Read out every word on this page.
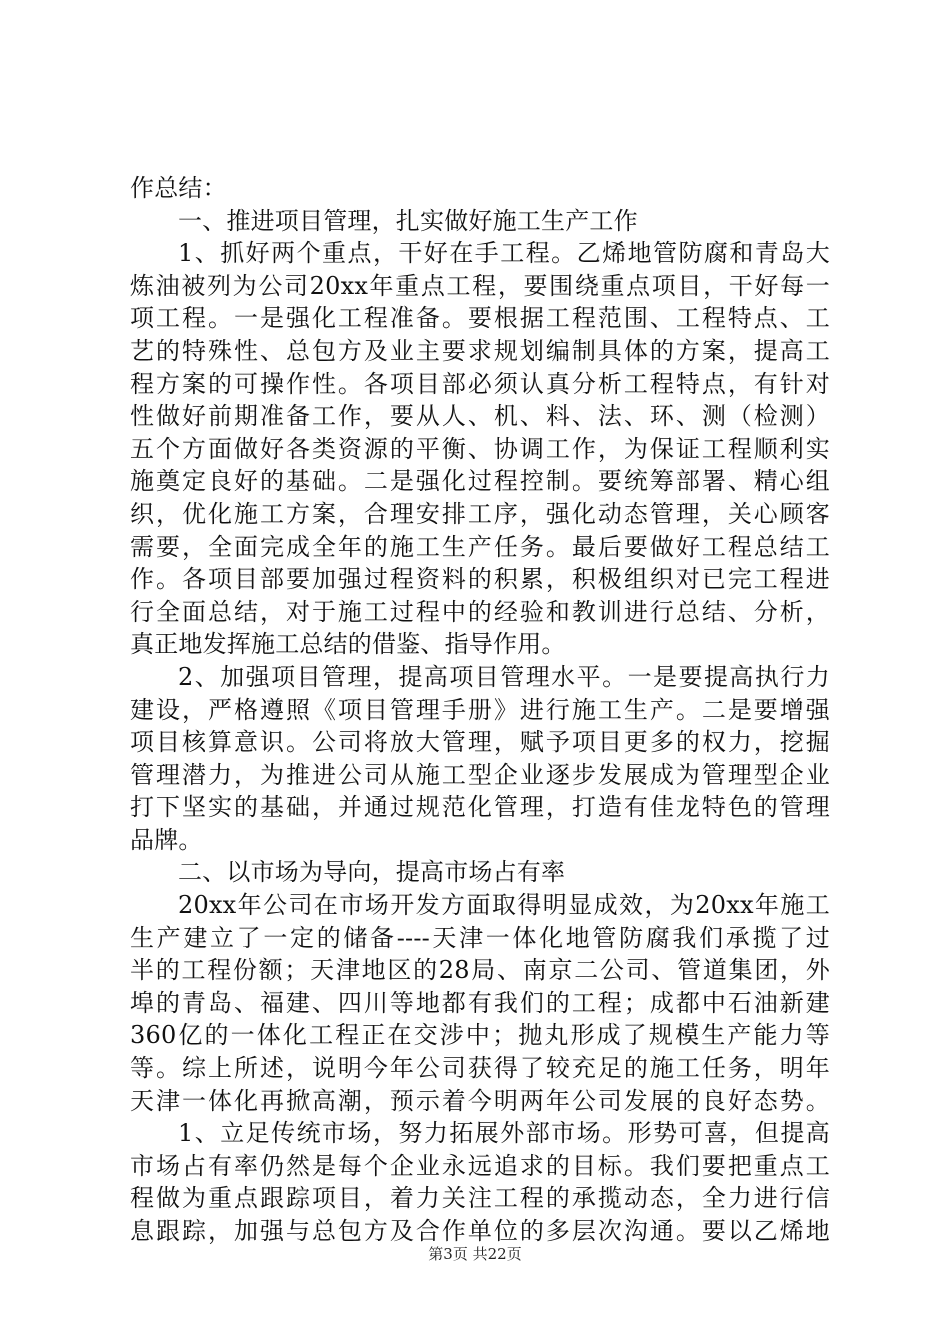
作总结：
一、推进项目管理，扎实做好施工生产工作
1、抓好两个重点，干好在手工程。乙烯地管防腐和青岛大
炼油被列为公司20xx年重点工程，要围绕重点项目，干好每一
项工程。一是强化工程准备。要根据工程范围、工程特点、工
艺的特殊性、总包方及业主要求规划编制具体的方案，提高工
程方案的可操作性。各项目部必须认真分析工程特点，有针对
性做好前期准备工作，要从人、机、料、法、环、测（检测）
五个方面做好各类资源的平衡、协调工作，为保证工程顺利实
施奠定良好的基础。二是强化过程控制。要统筹部署、精心组
织，优化施工方案，合理安排工序，强化动态管理，关心顾客
需要，全面完成全年的施工生产任务。最后要做好工程总结工
作。各项目部要加强过程资料的积累，积极组织对已完工程进
行全面总结，对于施工过程中的经验和教训进行总结、分析，
真正地发挥施工总结的借鉴、指导作用。
2、加强项目管理，提高项目管理水平。一是要提高执行力
建设，严格遵照《项目管理手册》进行施工生产。二是要增强
项目核算意识。公司将放大管理，赋予项目更多的权力，挖掘
管理潜力，为推进公司从施工型企业逐步发展成为管理型企业
打下坚实的基础，并通过规范化管理，打造有佳龙特色的管理
品牌。
二、以市场为导向，提高市场占有率
20xx年公司在市场开发方面取得明显成效，为20xx年施工
生产建立了一定的储备----天津一体化地管防腐我们承揽了过
半的工程份额；天津地区的28局、南京二公司、管道集团，外
埠的青岛、福建、四川等地都有我们的工程；成都中石油新建
360亿的一体化工程正在交涉中；抛丸形成了规模生产能力等
等。综上所述，说明今年公司获得了较充足的施工任务，明年
天津一体化再掀高潮，预示着今明两年公司发展的良好态势。
1、立足传统市场，努力拓展外部市场。形势可喜，但提高
市场占有率仍然是每个企业永远追求的目标。我们要把重点工
程做为重点跟踪项目，着力关注工程的承揽动态，全力进行信
息跟踪，加强与总包方及合作单位的多层次沟通。要以乙烯地
第3页 共22页
